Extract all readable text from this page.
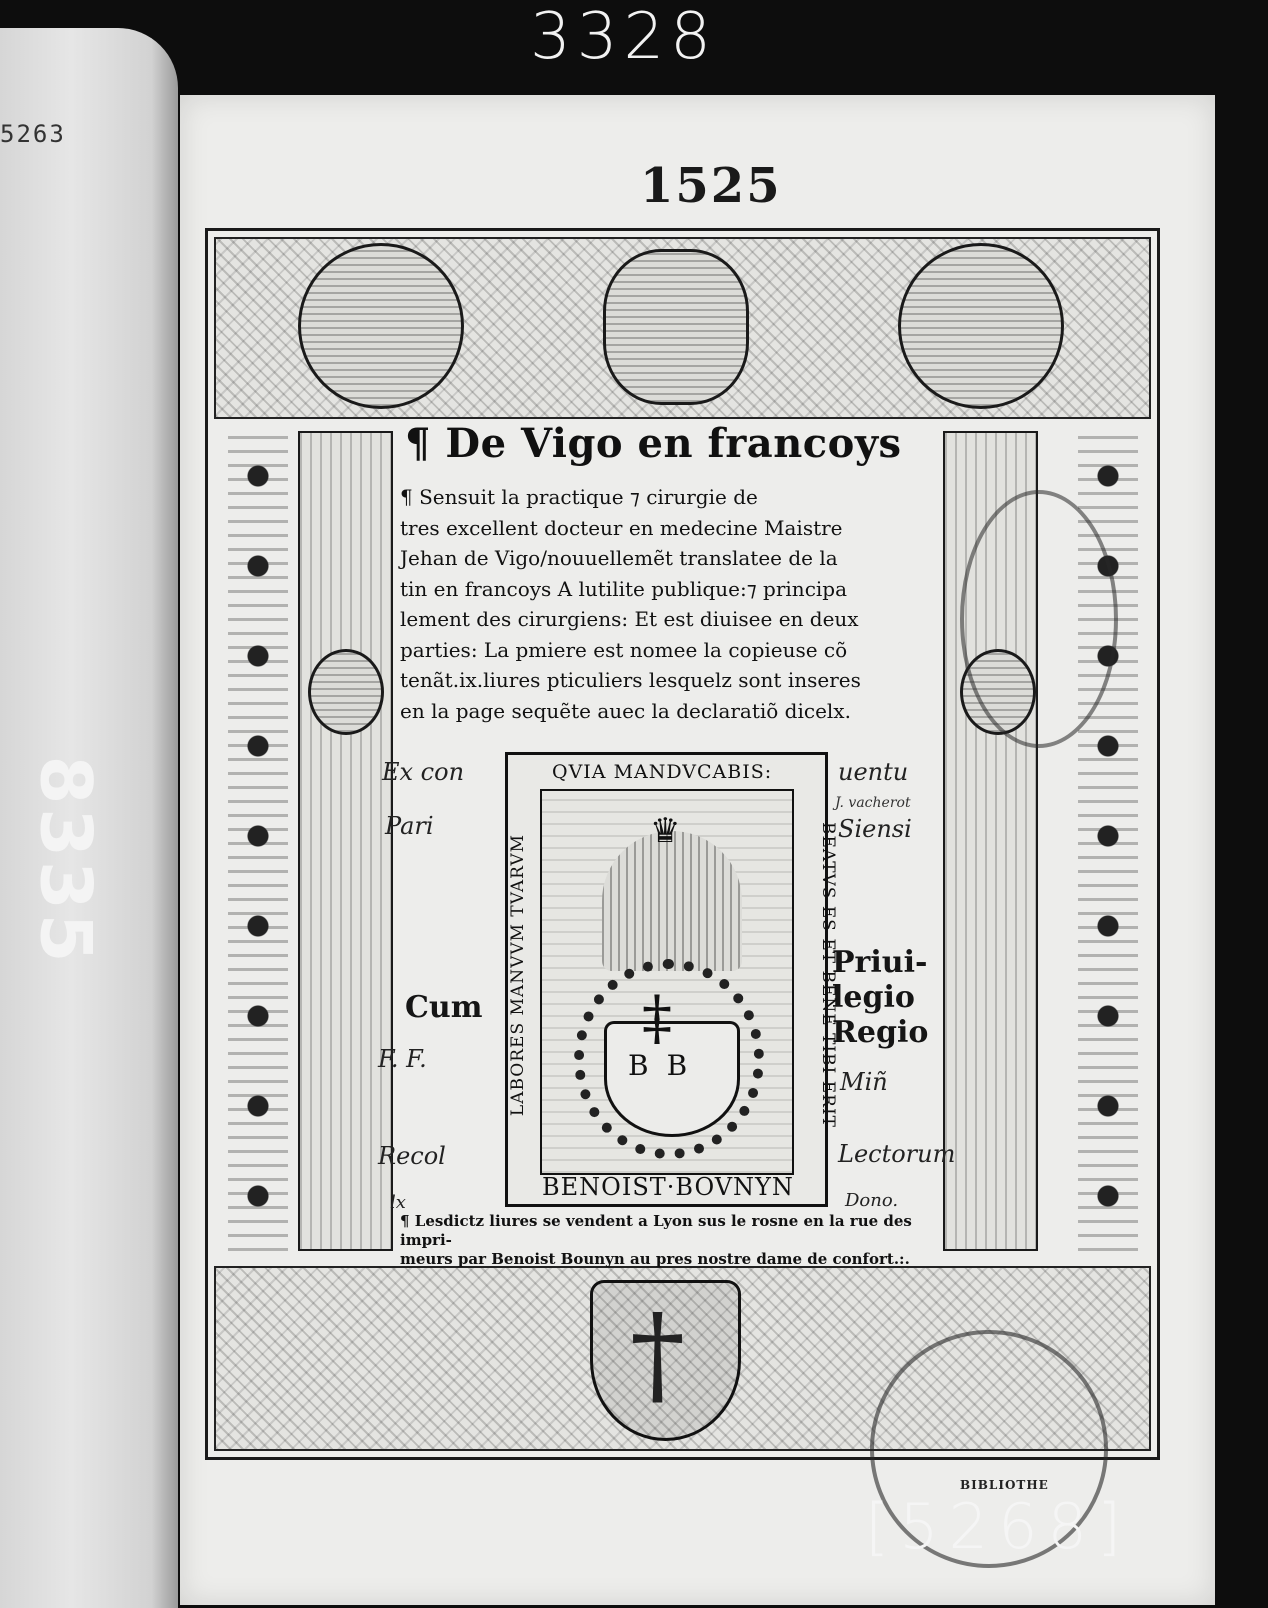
5263
8335
3328
1525
¶ De Vigo en francoys
¶ Sensuit la practique ⁊ cirurgie de
tres excellent docteur en medecine Maistre
Jehan de Vigo/nouuellemẽt translatee de la
tin en francoys A lutilite publique:⁊ principa
lement des cirurgiens: Et est diuisee en deux
parties: La pmiere est nomee la copieuse cõ
tenãt.ix.liures pticuliers lesquelz sont inseres
en la page sequẽte auec la declaratiõ dicelx.
Ex con
Pari
Cum
F. F.
Recol
lx
uentu
Siensi
Priui-
legio
Regio
Miñ
Lectorum
Dono.
J. vacherot
QVIA MANDVCABIS:
LABORES MANVVM TVARVM	BEATVS ES ET BENE TIBI ERIT
♛
‡
BB
BENOIST·BOVNYN
¶ Lesdictz liures se vendent a Lyon sus le rosne en la rue des impri-
meurs par Benoist Bounyn au pres nostre dame de confort.:.
†
BIBLIOTHE
[5268]
